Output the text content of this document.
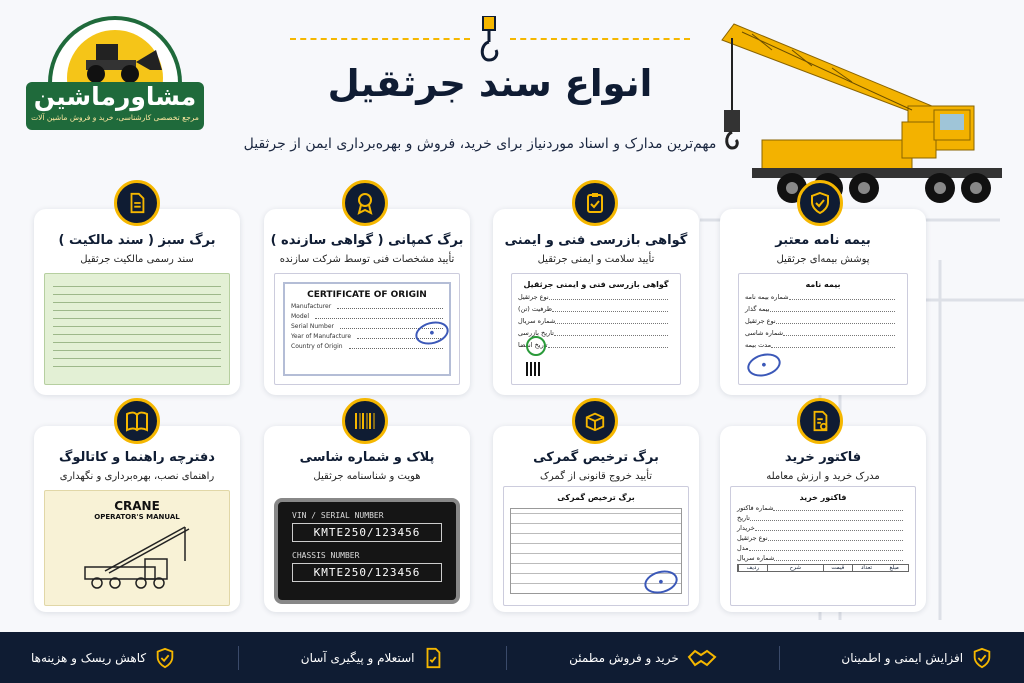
مشاورماشین
مرجع تخصصی کارشناسی، خرید و فروش ماشین آلات
انواع سند جرثقیل
مهم‌ترین مدارک و اسناد موردنیاز برای خرید، فروش و بهره‌برداری ایمن از جرثقیل
بیمه نامه معتبر
پوشش بیمه‌ای جرثقیل
بیمه نامه
شماره بیمه نامه
بیمه گذار
نوع جرثقیل
شماره شاسی
مدت بیمه
●
گواهی بازرسی فنی و ایمنی
تأیید سلامت و ایمنی جرثقیل
گواهی بازرسی فنی و ایمنی جرثقیل
نوع جرثقیل
ظرفیت (تن)
شماره سریال
تاریخ بازرسی
تاریخ انقضا
برگ کمپانی ( گواهی سازنده )
تأیید مشخصات فنی توسط شرکت سازنده
CERTIFICATE OF ORIGIN
Manufacturer
Model
Serial Number
Year of Manufacture
Country of Origin
●
برگ سبز ( سند مالکیت )
سند رسمی مالکیت جرثقیل
فاکتور خرید
مدرک خرید و ارزش معامله
فاکتور خرید
شماره فاکتور
تاریخ
خریدار
نوع جرثقیل
مدل
شماره سریال
ردیف	شرح	قیمت	تعداد	مبلغ
برگ ترخیص گمرکی
تأیید خروج قانونی از گمرک
برگ ترخیص گمرکی
●
پلاک و شماره شاسی
هویت و شناسنامه جرثقیل
VIN / SERIAL NUMBER
KMTE250/123456
CHASSIS NUMBER
KMTE250/123456
دفترچه راهنما و کاتالوگ
راهنمای نصب، بهره‌برداری و نگهداری
CRANE
OPERATOR'S MANUAL
کاهش ریسک و هزینه‌ها	استعلام و پیگیری آسان	خرید و فروش مطمئن	افزایش ایمنی و اطمینان
